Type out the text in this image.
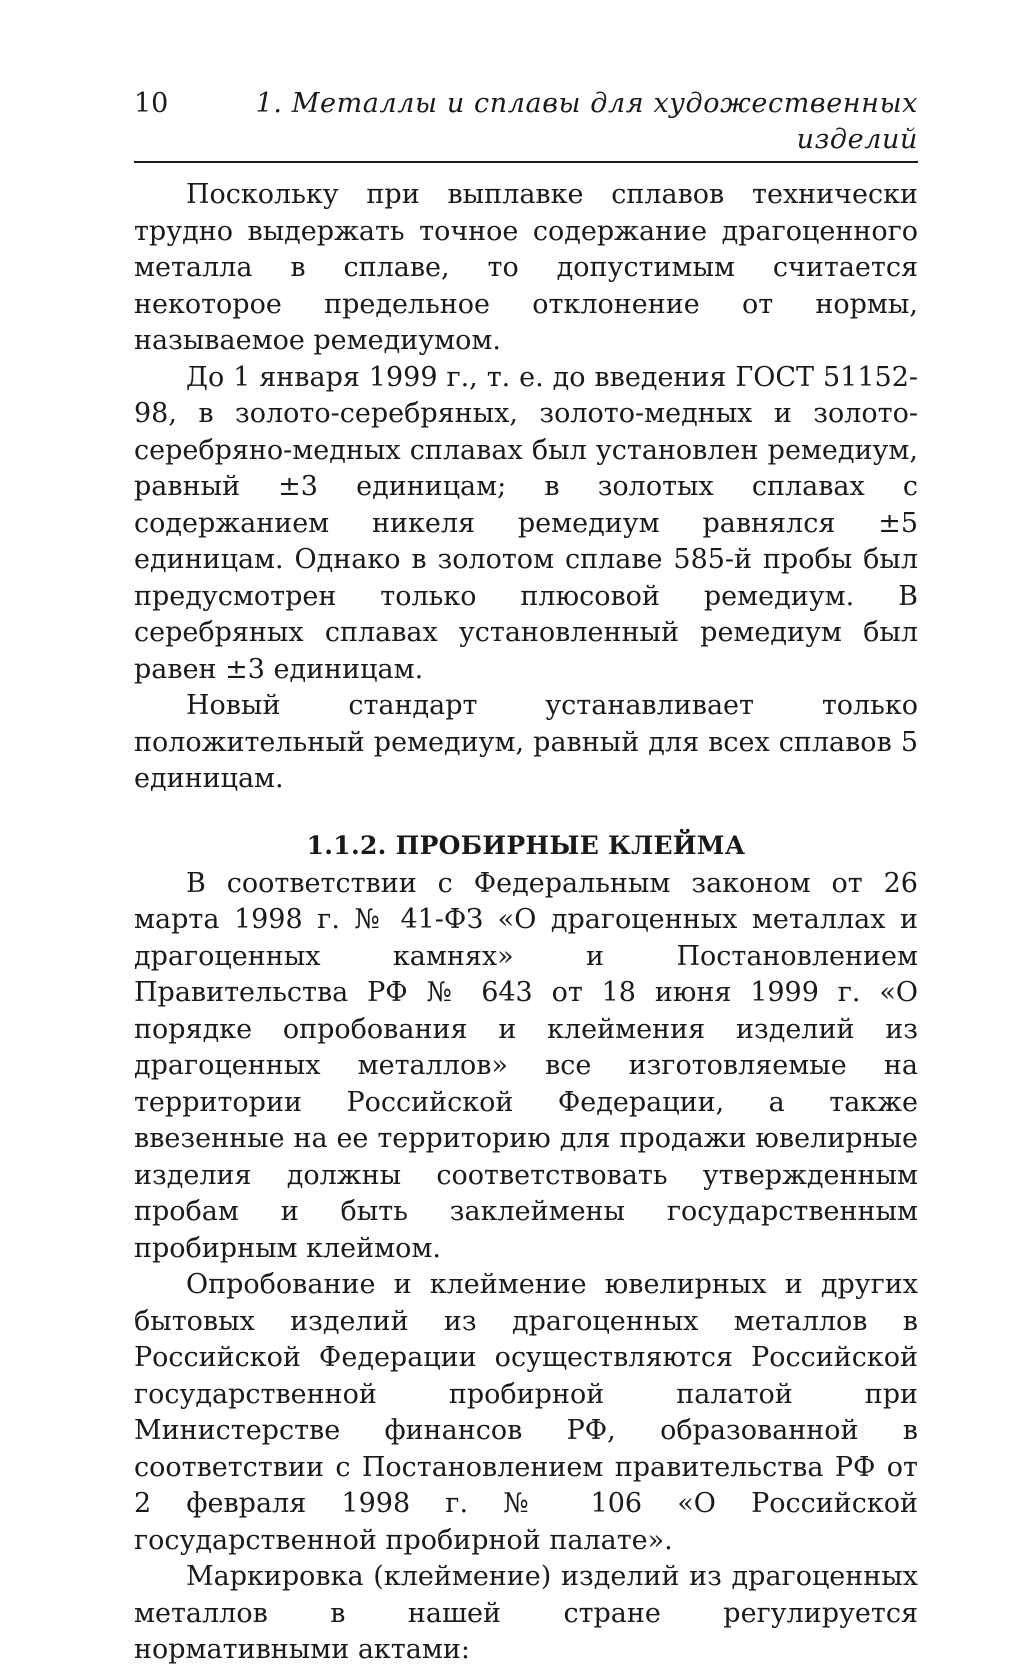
10	1. Металлы и сплавы для художественных изделий

Поскольку при выплавке сплавов технически трудно выдержать точное содержание драгоценного металла в сплаве, то допустимым считается некоторое предельное отклонение от нормы, называемое ремедиумом.

До 1 января 1999 г., т. е. до введения ГОСТ 51152-98, в золото-серебряных, золото-медных и золото-серебряно-медных сплавах был установлен ремедиум, равный ±3 единицам; в золотых сплавах с содержанием никеля ремедиум равнялся ±5 единицам. Однако в золотом сплаве 585-й пробы был предусмотрен только плюсовой ремедиум. В серебряных сплавах установленный ремедиум был равен ±3 единицам.

Новый стандарт устанавливает только положительный ремедиум, равный для всех сплавов 5 единицам.

1.1.2. ПРОБИРНЫЕ КЛЕЙМА

В соответствии с Федеральным законом от 26 марта 1998 г. № 41-ФЗ «О драгоценных металлах и драгоценных камнях» и Постановлением Правительства РФ № 643 от 18 июня 1999 г. «О порядке опробования и клеймения изделий из драгоценных металлов» все изготовляемые на территории Российской Федерации, а также ввезенные на ее территорию для продажи ювелирные изделия должны соответствовать утвержденным пробам и быть заклеймены государственным пробирным клеймом.

Опробование и клеймение ювелирных и других бытовых изделий из драгоценных металлов в Российской Федерации осуществляются Российской государственной пробирной палатой при Министерстве финансов РФ, образованной в соответствии с Постановлением правительства РФ от 2 февраля 1998 г. № 106 «О Российской государственной пробирной палате».

Маркировка (клеймение) изделий из драгоценных металлов в нашей стране регулируется нормативными актами:
